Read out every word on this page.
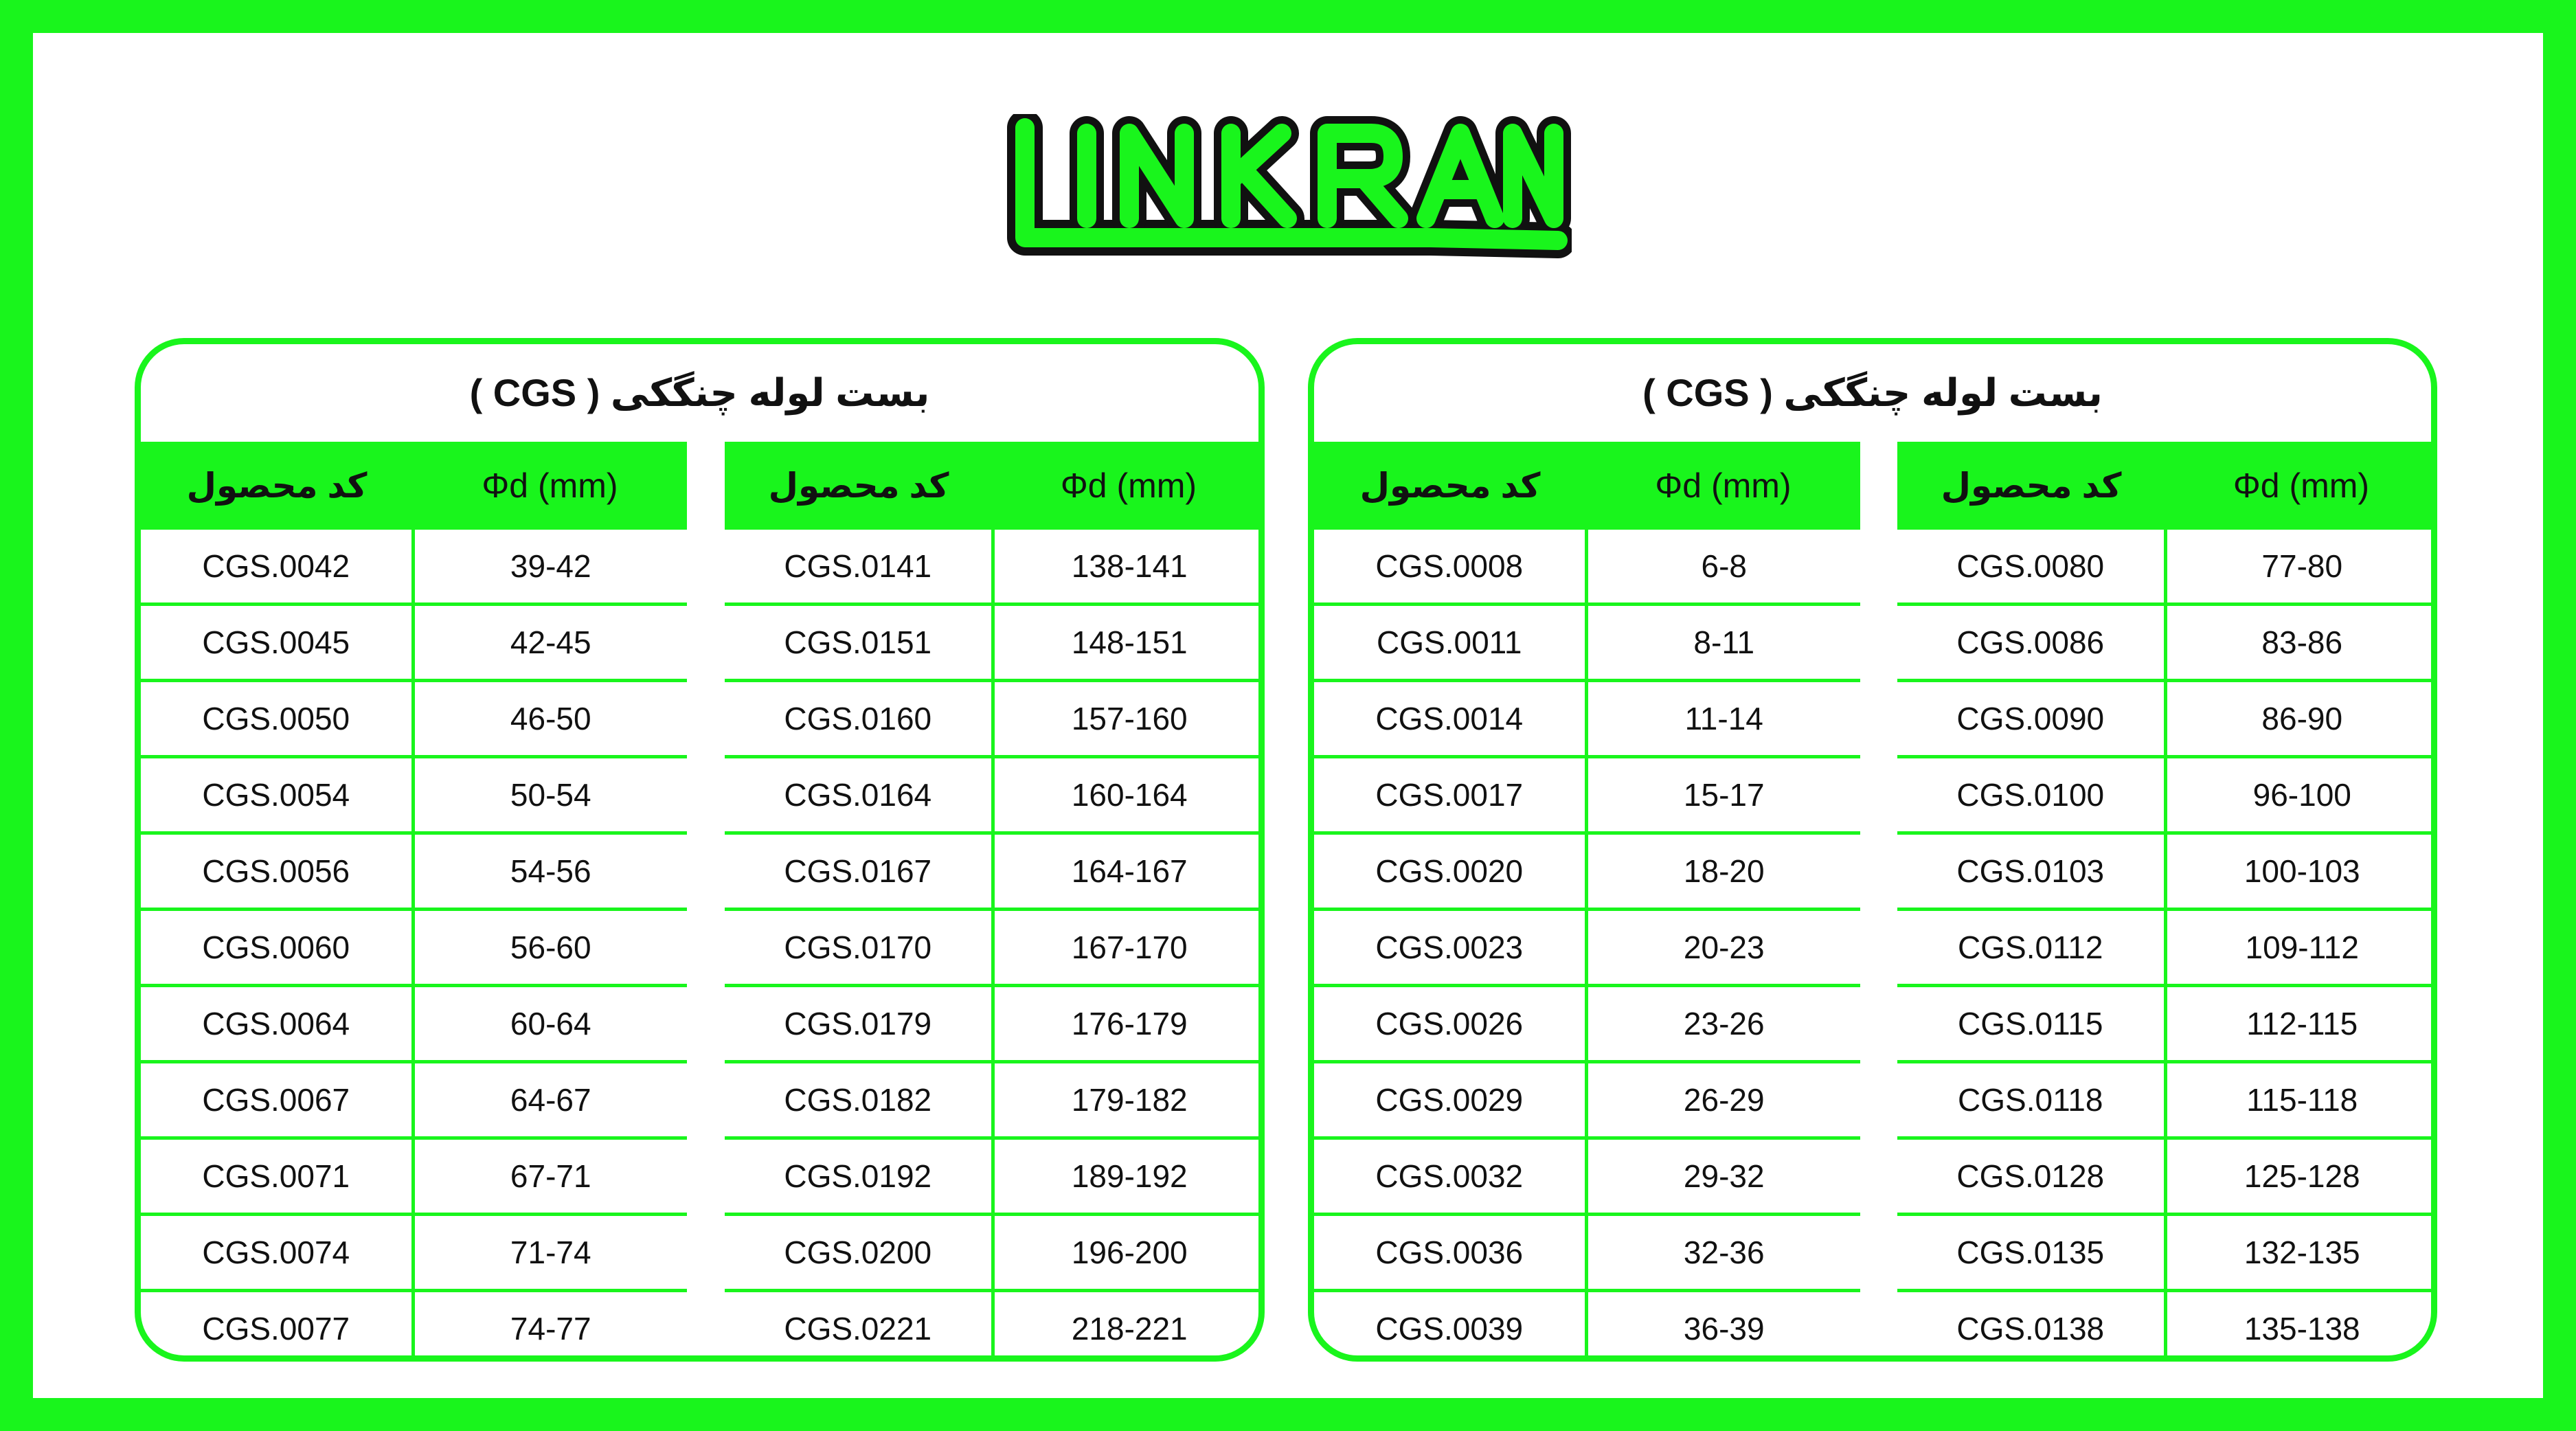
بست لوله چنگکی ( CGS )
کد محصول	Φd (mm)
CGS.0042	39-42
CGS.0045	42-45
CGS.0050	46-50
CGS.0054	50-54
CGS.0056	54-56
CGS.0060	56-60
CGS.0064	60-64
CGS.0067	64-67
CGS.0071	67-71
CGS.0074	71-74
CGS.0077	74-77
کد محصول	Φd (mm)
CGS.0141	138-141
CGS.0151	148-151
CGS.0160	157-160
CGS.0164	160-164
CGS.0167	164-167
CGS.0170	167-170
CGS.0179	176-179
CGS.0182	179-182
CGS.0192	189-192
CGS.0200	196-200
CGS.0221	218-221
بست لوله چنگکی ( CGS )
کد محصول	Φd (mm)
CGS.0008	6-8
CGS.0011	8-11
CGS.0014	11-14
CGS.0017	15-17
CGS.0020	18-20
CGS.0023	20-23
CGS.0026	23-26
CGS.0029	26-29
CGS.0032	29-32
CGS.0036	32-36
CGS.0039	36-39
کد محصول	Φd (mm)
CGS.0080	77-80
CGS.0086	83-86
CGS.0090	86-90
CGS.0100	96-100
CGS.0103	100-103
CGS.0112	109-112
CGS.0115	112-115
CGS.0118	115-118
CGS.0128	125-128
CGS.0135	132-135
CGS.0138	135-138
